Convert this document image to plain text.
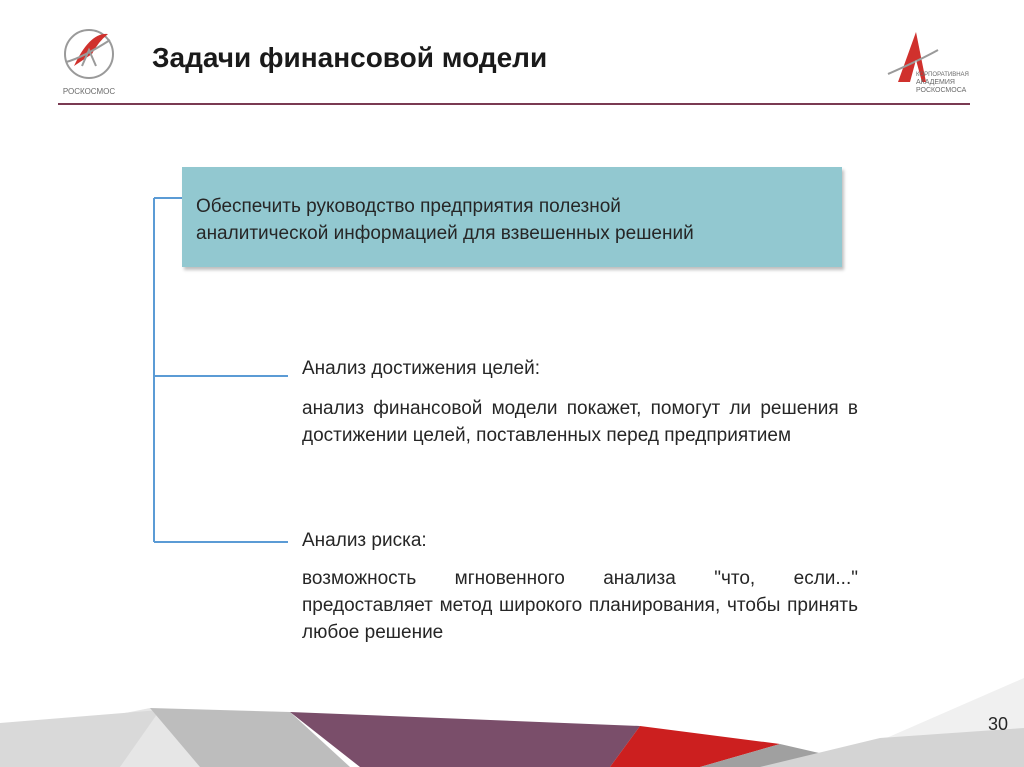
РОСКОСМОС
Задачи финансовой модели
КОРПОРАТИВНАЯ
АКАДЕМИЯ
РОСКОСМОСА
Обеспечить руководство предприятия полезной
аналитической информацией для взвешенных решений
Анализ достижения целей:
анализ финансовой модели покажет, помогут ли решения в достижении целей, поставленных перед предприятием
Анализ риска:
возможность мгновенного анализа "что, если..." предоставляет метод широкого планирования, чтобы принять любое решение
30
